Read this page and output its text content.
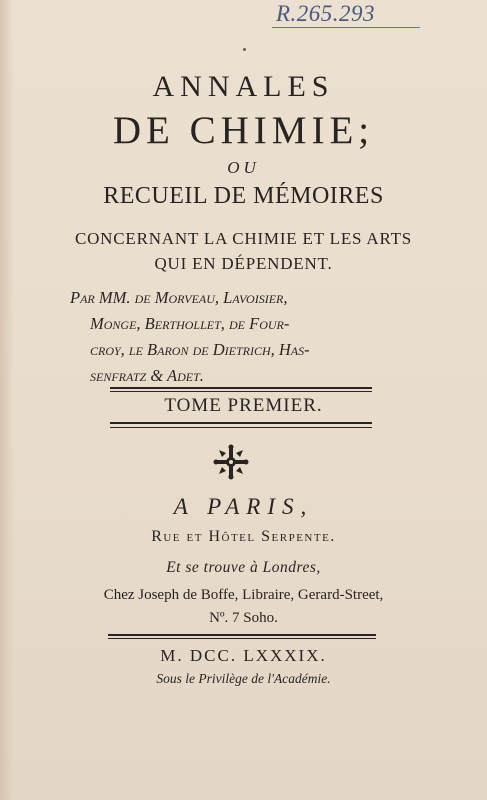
R.265.293
ANNALES
DE CHIMIE;
OU
RECUEIL DE MÉMOIRES
CONCERNANT LA CHIMIE ET LES ARTS
QUI EN DÉPENDENT.
Par MM. de Morveau, Lavoisier,
Monge, Berthollet, de Four-
croy, le Baron de Dietrich, Has-
senfratz & Adet.
TOME PREMIER.
A PARIS,
Rue et Hôtel Serpente.
Et se trouve à Londres,
Chez Joseph de Boffe, Libraire, Gerard-Street,
Nº. 7 Soho.
M. DCC. LXXXIX.
Sous le Privilège de l'Académie.
